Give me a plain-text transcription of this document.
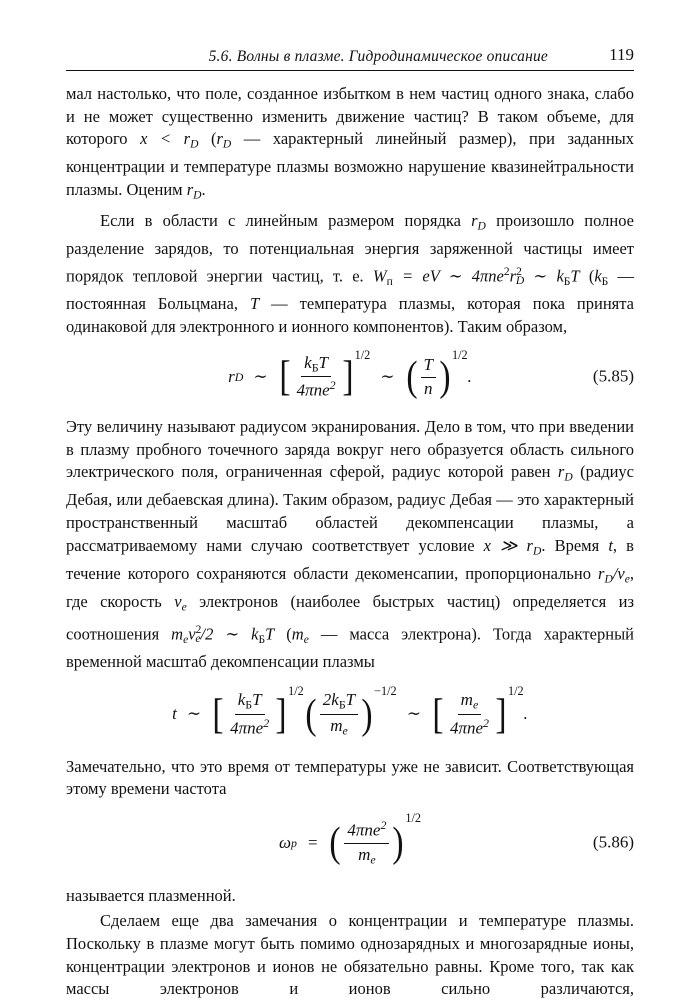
5.6. Волны в плазме. Гидродинамическое описание	119

мал настолько, что поле, созданное избытком в нем частиц одного знака, слабо и не может существенно изменить движение частиц? В таком объеме, для которого $x < r_D$ ($r_D$ — характерный линейный размер), при заданных концентрации и температуре плазмы возможно нарушение квазинейтральности плазмы. Оценим $r_D$.

Если в области с линейным размером порядка $r_D$ произошло полное разделение зарядов, то потенциальная энергия заряженной частицы имеет порядок тепловой энергии частиц, т. е. $W_п$ = eV ∼ $4\pi ne^2r^2_D$ ∼ $k_БT$ ($k_Б$ — постоянная Больцмана, T — температура плазмы, которая пока принята одинаковой для электронного и ионного компонентов). Таким образом,

r D ∼ [ $\frac{k_БT}{4\pi ne^2}$ ] 1/2
∼ ( $\frac{T}{n}$ ) 1/2
.	(5.85)

Эту величину называют радиусом экранирования. Дело в том, что при введении в плазму пробного точечного заряда вокруг него образуется область сильного электрического поля, ограниченная сферой, радиус которой равен $r_D$ (радиус Дебая, или дебаевская длина). Таким образом, радиус Дебая — это характерный пространственный масштаб областей декомпенсации плазмы, а рассматриваемому нами случаю соответствует условие x ≫ $r_D$. Время t, в течение которого сохраняются области декоменсапии, пропорционально $r_D/v_e$, где скорость $v_e$ электронов (наиболее быстрых частиц) определяется из соотношения $m_ev^2_e/2$ ∼ $k_БT$ ($m_e$ — масса электрона). Тогда характерный временной масштаб декомпенсации плазмы

t ∼ [ $\frac{k_БT}{4\pi ne^2}$ ]
1/2
( $\frac{2k_БT}{m_e}$ )
−1/2
∼ [ $\frac{m_e}{4\pi ne^2}$ ]
1/2
.

Замечательно, что это время от температуры уже не зависит. Соответствующая этому времени частота

ω p = ( $\frac{4\pi ne^2}{m_e}$ )
1/2
(5.86)

называется плазменной.

Сделаем еще два замечания о концентрации и температуре плазмы. Поскольку в плазме могут быть помимо однозарядных и многозарядные ионы, концентрации электронов и ионов не обязательно равны. Кроме того, так как массы электронов и ионов сильно различаются,
